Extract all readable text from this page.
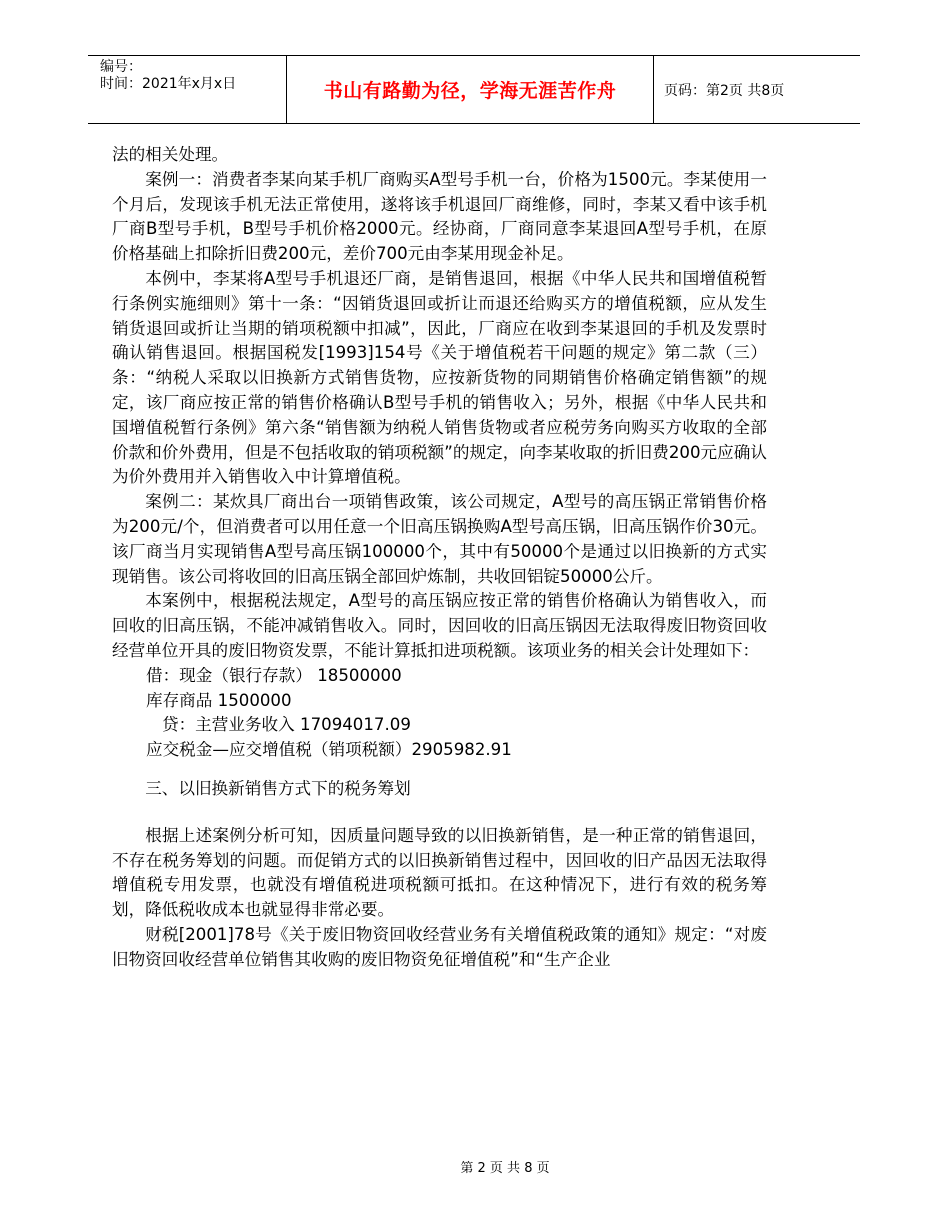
编号：
时间：2021年x月x日	书山有路勤为径，学海无涯苦作舟	页码：第2页 共8页

法的相关处理。

案例一：消费者李某向某手机厂商购买A型号手机一台，价格为1500元。李某使用一个月后，发现该手机无法正常使用，遂将该手机退回厂商维修，同时，李某又看中该手机厂商B型号手机，B型号手机价格2000元。经协商，厂商同意李某退回A型号手机，在原价格基础上扣除折旧费200元，差价700元由李某用现金补足。

本例中，李某将A型号手机退还厂商，是销售退回，根据《中华人民共和国增值税暂行条例实施细则》第十一条：“因销货退回或折让而退还给购买方的增值税额，应从发生销货退回或折让当期的销项税额中扣减”，因此，厂商应在收到李某退回的手机及发票时确认销售退回。根据国税发[1993]154号《关于增值税若干问题的规定》第二款（三）条：“纳税人采取以旧换新方式销售货物，应按新货物的同期销售价格确定销售额”的规定，该厂商应按正常的销售价格确认B型号手机的销售收入；另外，根据《中华人民共和国增值税暂行条例》第六条“销售额为纳税人销售货物或者应税劳务向购买方收取的全部价款和价外费用，但是不包括收取的销项税额”的规定，向李某收取的折旧费200元应确认为价外费用并入销售收入中计算增值税。

案例二：某炊具厂商出台一项销售政策，该公司规定，A型号的高压锅正常销售价格为200元/个，但消费者可以用任意一个旧高压锅换购A型号高压锅，旧高压锅作价30元。该厂商当月实现销售A型号高压锅100000个，其中有50000个是通过以旧换新的方式实现销售。该公司将收回的旧高压锅全部回炉炼制，共收回铝锭50000公斤。

本案例中，根据税法规定，A型号的高压锅应按正常的销售价格确认为销售收入，而回收的旧高压锅，不能冲减销售收入。同时，因回收的旧高压锅因无法取得废旧物资回收经营单位开具的废旧物资发票，不能计算抵扣进项税额。该项业务的相关会计处理如下：

借：现金（银行存款） 18500000

库存商品 1500000

贷：主营业务收入 17094017.09

应交税金—应交增值税（销项税额）2905982.91

三、以旧换新销售方式下的税务筹划

根据上述案例分析可知，因质量问题导致的以旧换新销售，是一种正常的销售退回，不存在税务筹划的问题。而促销方式的以旧换新销售过程中，因回收的旧产品因无法取得增值税专用发票，也就没有增值税进项税额可抵扣。在这种情况下，进行有效的税务筹划，降低税收成本也就显得非常必要。

财税[2001]78号《关于废旧物资回收经营业务有关增值税政策的通知》规定：“对废旧物资回收经营单位销售其收购的废旧物资免征增值税”和“生产企业

第 2 页 共 8 页
